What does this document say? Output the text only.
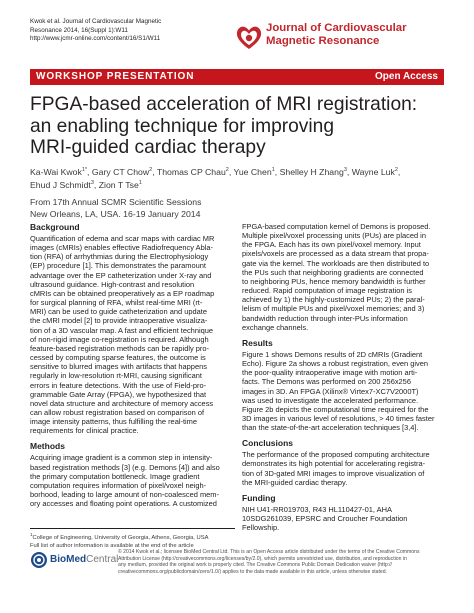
Kwok et al. Journal of Cardiovascular Magnetic

Resonance 2014, 16(Suppl 1):W11

http://www.jcmr-online.com/content/16/S1/W11

Journal of Cardiovascular
Magnetic Resonance
WORKSHOP PRESENTATION	Open Access

FPGA-based acceleration of MRI registration:

an enabling technique for improving

MRI-guided cardiac therapy

Ka-Wai Kwok$^{1*}$, Gary CT Chow$^2$, Thomas CP Chau$^2$, Yue Chen$^1$, Shelley H Zhang$^3$, Wayne Luk$^2$, Ehud J Schmidt$^3$, Zion T Tse$^1$

From 17th Annual SCMR Scientific Sessions

New Orleans, LA, USA. 16-19 January 2014

Background

Quantification of edema and scar maps with cardiac MR

images (cMRIs) enables effective Radiofrequency Abla-

tion (RFA) of arrhythmias during the Electrophysiology

(EP) procedure [1]. This demonstrates the paramount

advantage over the EP catheterization under X-ray and

ultrasound guidance. High-contrast and resolution

cMRIs can be obtained preoperatively as a EP roadmap

for surgical planning of RFA, whilst real-time MRI (rt-

MRI) can be used to guide catheterization and update

the cMRI model [2] to provide intraoperative visualiza-

tion of a 3D vascular map. A fast and efficient technique

of non-rigid image co-registration is required. Although

feature-based registration methods can be rapidly pro-

cessed by computing sparse features, the outcome is

sensitive to blurred images with artifacts that happens

regularly in low-resolution rt-MRI, causing significant

errors in feature detections. With the use of Field-pro-

grammable Gate Array (FPGA), we hypothesized that

novel data structure and architecture of memory access

can allow robust registration based on comparison of

image intensity patterns, thus fulfilling the real-time

requirements for clinical practice.

Methods

Acquiring image gradient is a common step in intensity-

based registration methods [3] (e.g. Demons [4]) and also

the primary computation bottleneck. Image gradient

computation requires information of pixel/voxel neigh-

borhood, leading to large amount of non-coalesced mem-

ory accesses and floating point operations. A customized

FPGA-based computation kernel of Demons is proposed.

Multiple pixel/voxel processing units (PUs) are placed in

the FPGA. Each has its own pixel/voxel memory. Input

pixels/voxels are processed as a data stream that propa-

gate via the kernel. The workloads are then distributed to

the PUs such that neighboring gradients are connected

to neighboring PUs, hence memory bandwidth is further

reduced. Rapid computation of image registration is

achieved by 1) the highly-customized PUs; 2) the paral-

lelism of multiple PUs and pixel/voxel memories; and 3)

bandwidth reduction through inter-PUs information

exchange channels.

Results

Figure 1 shows Demons results of 2D cMRIs (Gradient

Echo). Figure 2a shows a robust registration, even given

the poor-quality intraoperative image with motion arti-

facts. The Demons was performed on 200 256x256

images in 3D. An FPGA (Xilinx® Virtex7-XC7V2000T)

was used to investigate the accelerated performance.

Figure 2b depicts the computational time required for the

3D images in various level of resolutions, > 40 times faster

than the state-of-the-art acceleration techniques [3,4].

Conclusions

The performance of the proposed computing architecture

demonstrates its high potential for accelerating registra-

tion of 3D-gated MRI images to improve visualization of

the MRI-guided cardiac therapy.

Funding

NIH U41-RR019703, R43 HL110427-01, AHA

10SDG261039, EPSRC and Croucher Foundation

Fellowship.

$^1$College of Engineering, University of Georgia, Athens, Georgia, USA

Full list of author information is available at the end of the article

BioMedCentral

© 2014 Kwok et al.; licensee BioMed Central Ltd. This is an Open Access article distributed under the terms of the Creative Commons

Attribution License (http://creativecommons.org/licenses/by/2.0), which permits unrestricted use, distribution, and reproduction in

any medium, provided the original work is properly cited. The Creative Commons Public Domain Dedication waiver (http://

creativecommons.org/publicdomain/zero/1.0/) applies to the data made available in this article, unless otherwise stated.
